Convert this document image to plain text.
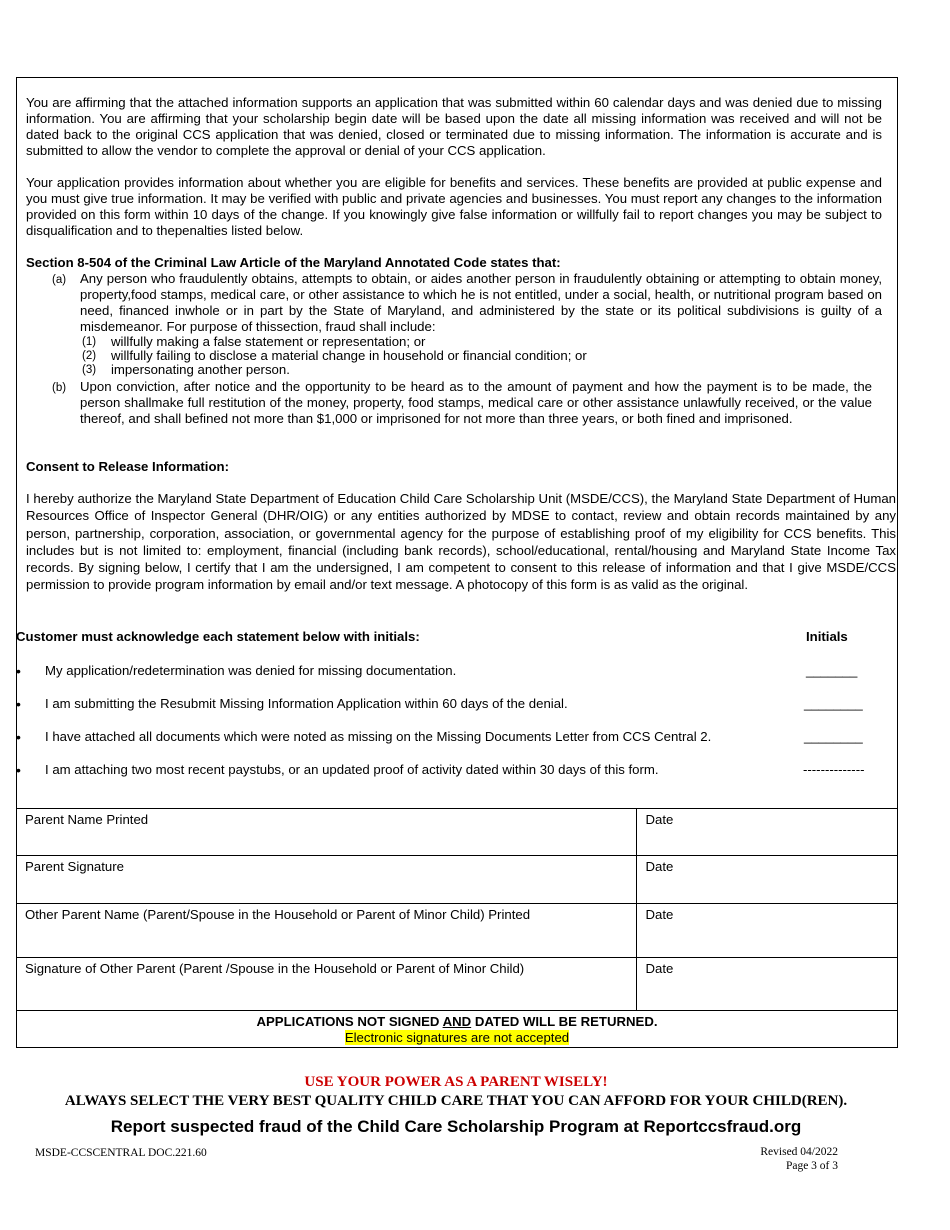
You are affirming that the attached information supports an application that was submitted within 60 calendar days and was denied due to missing information. You are affirming that your scholarship begin date will be based upon the date all missing information was received and will not be dated back to the original CCS application that was denied, closed or terminated due to missing information. The information is accurate and is submitted to allow the vendor to complete the approval or denial of your CCS application.

Your application provides information about whether you are eligible for benefits and services. These benefits are provided at public expense and you must give true information. It may be verified with public and private agencies and businesses. You must report any changes to the information provided on this form within 10 days of the change. If you knowingly give false information or willfully fail to report changes you may be subject to disqualification and to thepenalties listed below.

Section 8-504 of the Criminal Law Article of the Maryland Annotated Code states that:
(a) Any person who fraudulently obtains, attempts to obtain, or aides another person in fraudulently obtaining or attempting to obtain money, property,food stamps, medical care, or other assistance to which he is not entitled, under a social, health, or nutritional program based on need, financed inwhole or in part by the State of Maryland, and administered by the state or its political subdivisions is guilty of a misdemeanor. For purpose of thissection, fraud shall include:
(1) willfully making a false statement or representation; or
(2) willfully failing to disclose a material change in household or financial condition; or
(3) impersonating another person.
(b) Upon conviction, after notice and the opportunity to be heard as to the amount of payment and how the payment is to be made, the person shallmake full restitution of the money, property, food stamps, medical care or other assistance unlawfully received, or the value thereof, and shall befined not more than $1,000 or imprisoned for not more than three years, or both fined and imprisoned.
Consent to Release Information:

I hereby authorize the Maryland State Department of Education Child Care Scholarship Unit (MSDE/CCS), the Maryland State Department of Human Resources Office of Inspector General (DHR/OIG) or any entities authorized by MDSE to contact, review and obtain records maintained by any person, partnership, corporation, association, or governmental agency for the purpose of establishing proof of my eligibility for CCS benefits. This includes but is not limited to: employment, financial (including bank records), school/educational, rental/housing and Maryland State Income Tax records. By signing below, I certify that I am the undersigned, I am competent to consent to this release of information and that I give MSDE/CCS permission to provide program information by email and/or text message. A photocopy of this form is as valid as the original.

Customer must acknowledge each statement below with initials:	Initials
• My application/redetermination was denied for missing documentation.	_______
• I am submitting the Resubmit Missing Information Application within 60 days of the denial.	________
• I have attached all documents which were noted as missing on the Missing Documents Letter from CCS Central 2.	________
• I am attaching two most recent paystubs, or an updated proof of activity dated within 30 days of this form.	--------------
Parent Name Printed	Date
Parent Signature	Date
Other Parent Name (Parent/Spouse in the Household or Parent of Minor Child) Printed	Date
Signature of Other Parent (Parent /Spouse in the Household or Parent of Minor Child)	Date

APPLICATIONS NOT SIGNED AND DATED WILL BE RETURNED.
Electronic signatures are not accepted	
USE YOUR POWER AS A PARENT WISELY!
ALWAYS SELECT THE VERY BEST QUALITY CHILD CARE THAT YOU CAN AFFORD FOR YOUR CHILD(REN).
Report suspected fraud of the Child Care Scholarship Program at Reportccsfraud.org
MSDE-CCSCENTRAL DOC.221.60	Revised 04/2022
Page 3 of 3
